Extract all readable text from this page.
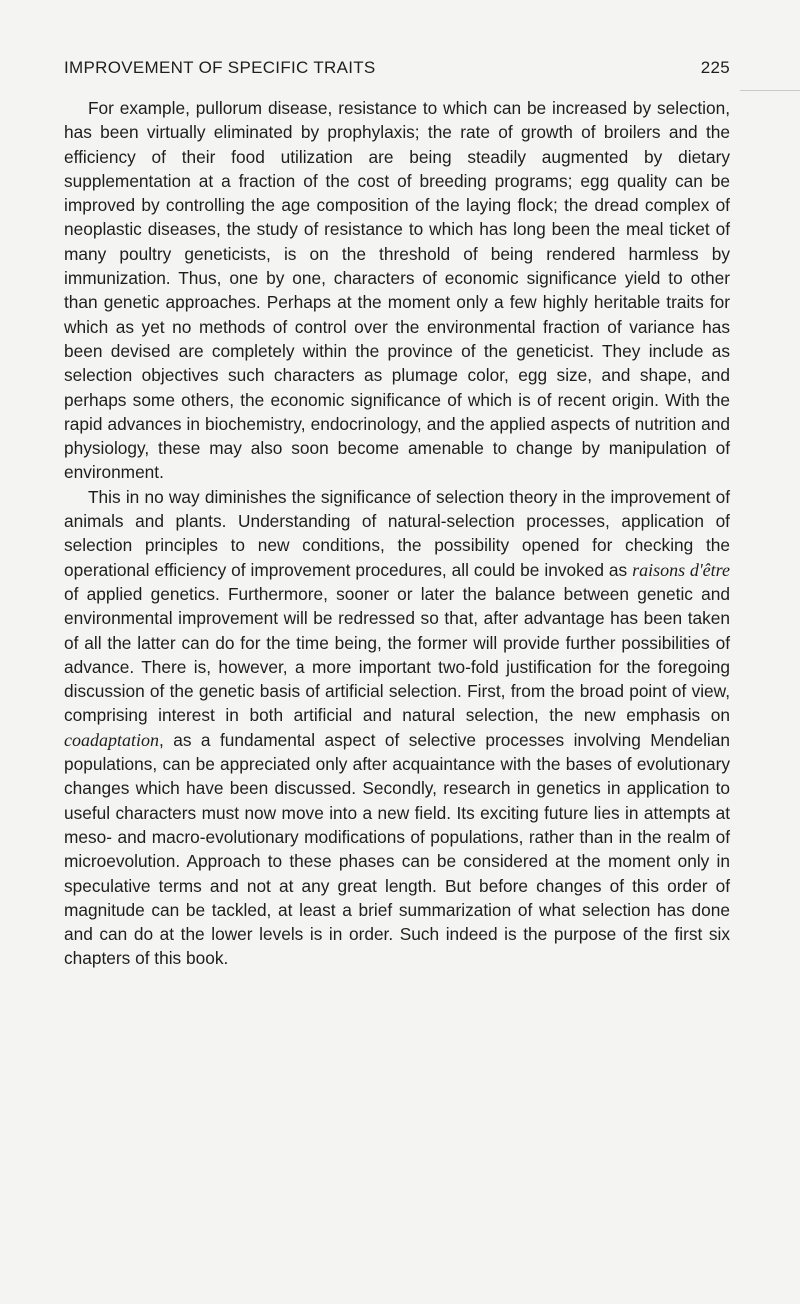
IMPROVEMENT OF SPECIFIC TRAITS	225

For example, pullorum disease, resistance to which can be increased by selection, has been virtually eliminated by prophylaxis; the rate of growth of broilers and the efficiency of their food utilization are being steadily augmented by dietary supplementation at a fraction of the cost of breeding programs; egg quality can be improved by controlling the age composition of the laying flock; the dread complex of neoplastic diseases, the study of resistance to which has long been the meal ticket of many poultry geneticists, is on the threshold of being rendered harmless by immunization. Thus, one by one, characters of economic significance yield to other than genetic approaches. Perhaps at the moment only a few highly heritable traits for which as yet no methods of control over the environmental fraction of variance has been devised are completely within the province of the geneticist. They include as selection objectives such characters as plumage color, egg size, and shape, and perhaps some others, the economic significance of which is of recent origin. With the rapid advances in biochemistry, endocrinology, and the applied aspects of nutrition and physiology, these may also soon become amenable to change by manipulation of environment.

This in no way diminishes the significance of selection theory in the improvement of animals and plants. Understanding of natural-selection processes, application of selection principles to new conditions, the possibility opened for checking the operational efficiency of improvement procedures, all could be invoked as raisons d'être of applied genetics. Furthermore, sooner or later the balance between genetic and environmental improvement will be redressed so that, after advantage has been taken of all the latter can do for the time being, the former will provide further possibilities of advance. There is, however, a more important two-fold justification for the foregoing discussion of the genetic basis of artificial selection. First, from the broad point of view, comprising interest in both artificial and natural selection, the new emphasis on coadaptation, as a fundamental aspect of selective processes involving Mendelian populations, can be appreciated only after acquaintance with the bases of evolutionary changes which have been discussed. Secondly, research in genetics in application to useful characters must now move into a new field. Its exciting future lies in attempts at meso- and macro-evolutionary modifications of populations, rather than in the realm of microevolution. Approach to these phases can be considered at the moment only in speculative terms and not at any great length. But before changes of this order of magnitude can be tackled, at least a brief summarization of what selection has done and can do at the lower levels is in order. Such indeed is the purpose of the first six chapters of this book.
